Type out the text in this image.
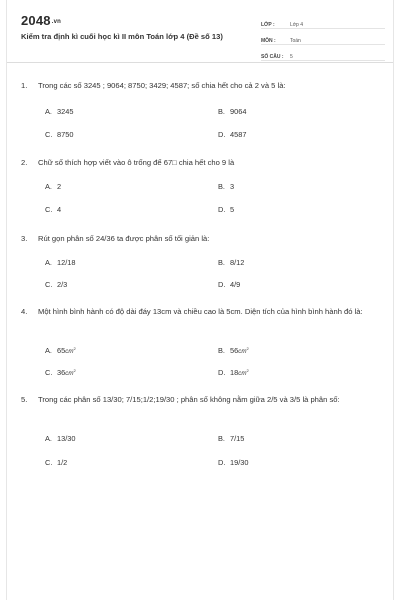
2048.vn
Kiểm tra định kì cuối học kì II môn Toán lớp 4 (Đề số 13)
LỚP :	Lớp 4
MÔN :	Toán
SỐ CÂU :	5
1.	Trong các số 3245 ; 9064; 8750; 3429; 4587; số chia hết cho cả 2 và 5 là:
A. 3245	B. 9064
C. 8750	D. 4587
2.	Chữ số thích hợp viết vào ô trống để 67□ chia hết cho 9 là
A. 2	B. 3
C. 4	D. 5
3.	Rút gọn phân số 24/36 ta được phân số tối giản là:
A. 12/18	B. 8/12
C. 2/3	D. 4/9
4.	Một hình bình hành có độ dài đáy 13cm và chiều cao là 5cm. Diện tích của hình bình hành đó là:
A. $65cm^2$	B. $56cm^2$
C. $36cm^2$	D. $18cm^2$
5.	Trong các phân số 13/30; 7/15;1/2;19/30 ; phân số không nằm giữa 2/5 và 3/5 là phân số:
A. 13/30	B. 7/15
C. 1/2	D. 19/30
